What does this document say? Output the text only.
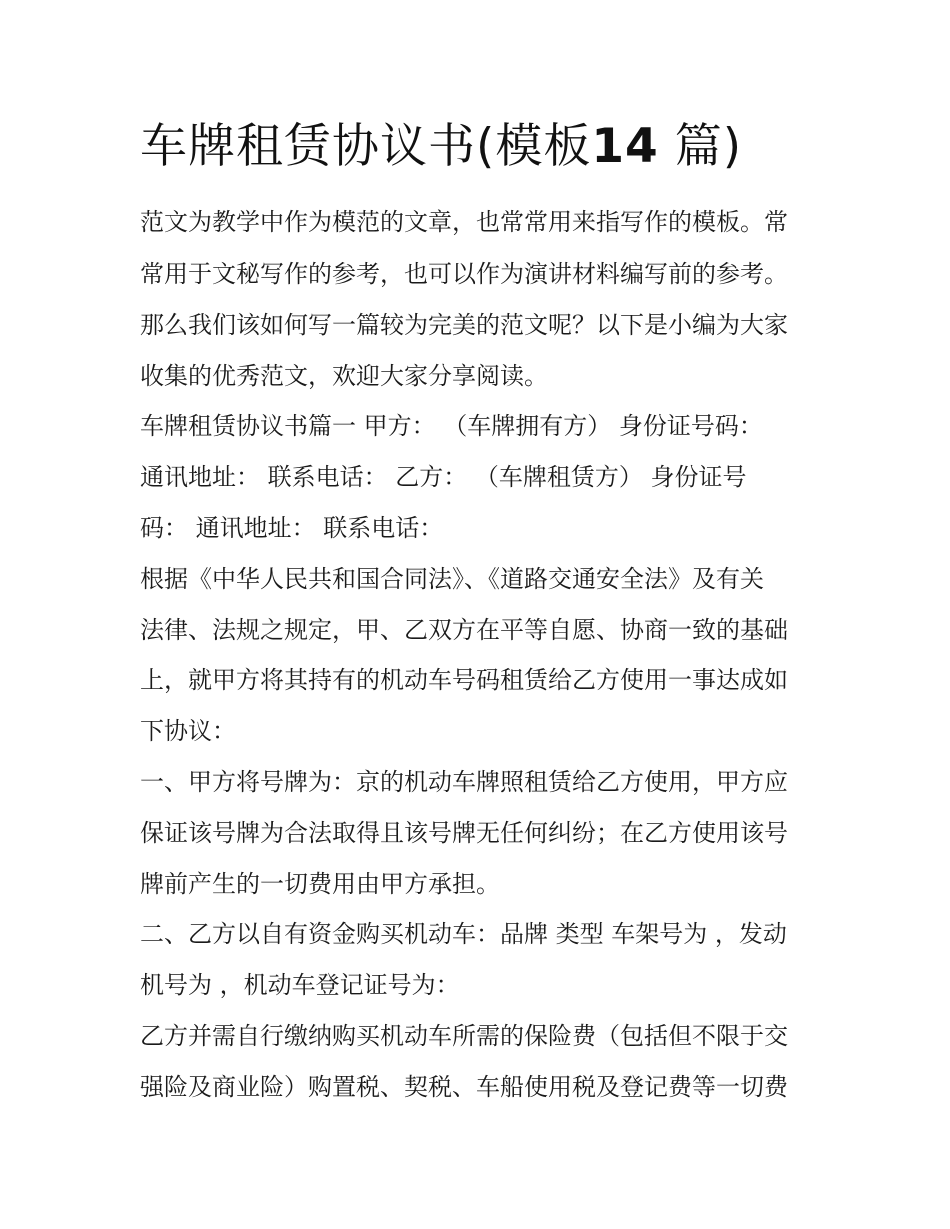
车牌租赁协议书(模板14 篇)

范文为教学中作为模范的文章，也常常用来指写作的模板。常

常用于文秘写作的参考，也可以作为演讲材料编写前的参考。

那么我们该如何写一篇较为完美的范文呢？以下是小编为大家

收集的优秀范文，欢迎大家分享阅读。

车牌租赁协议书篇一 甲方： （车牌拥有方） 身份证号码：

通讯地址： 联系电话： 乙方： （车牌租赁方） 身份证号

码： 通讯地址： 联系电话：

根据《中华人民共和国合同法》、《道路交通安全法》及有关

法律、法规之规定，甲、乙双方在平等自愿、协商一致的基础

上，就甲方将其持有的机动车号码租赁给乙方使用一事达成如

下协议：

一、甲方将号牌为：京的机动车牌照租赁给乙方使用，甲方应

保证该号牌为合法取得且该号牌无任何纠纷；在乙方使用该号

牌前产生的一切费用由甲方承担。

二、乙方以自有资金购买机动车：品牌 类型 车架号为 ，发动

机号为 ，机动车登记证号为：

乙方并需自行缴纳购买机动车所需的保险费（包括但不限于交

强险及商业险）购置税、契税、车船使用税及登记费等一切费
